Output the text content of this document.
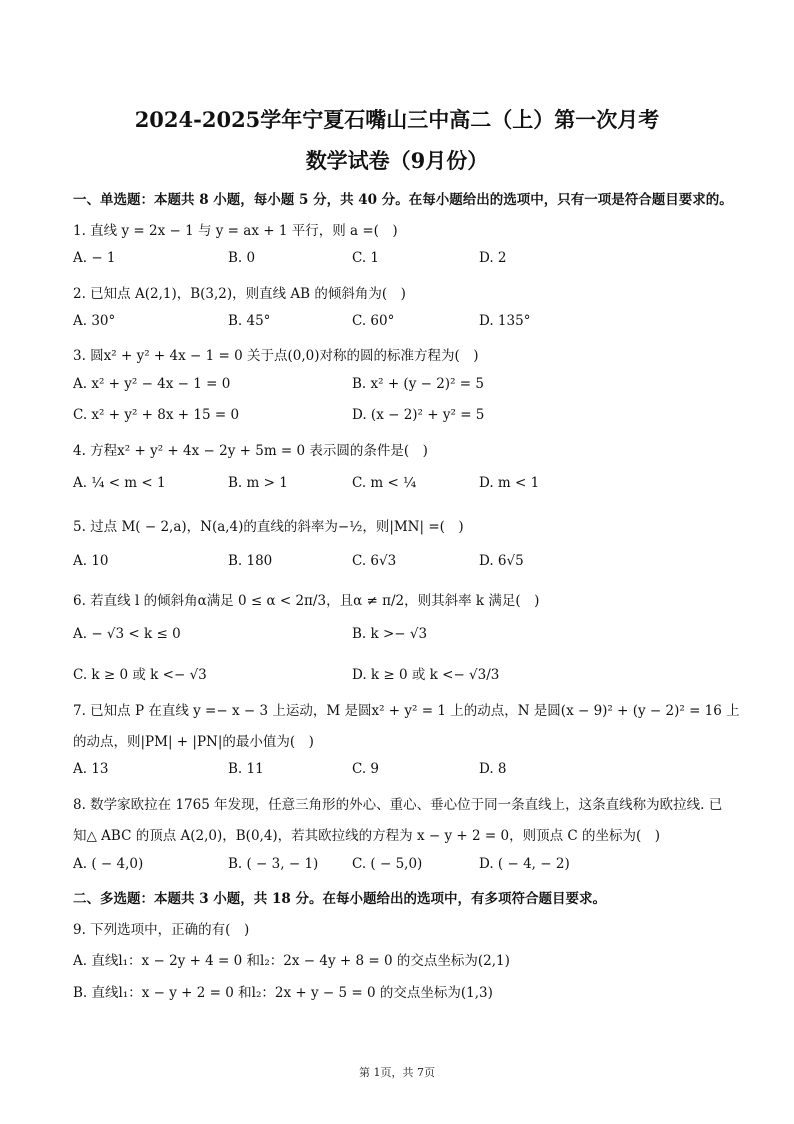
2024-2025学年宁夏石嘴山三中高二（上）第一次月考
数学试卷（9月份）
一、单选题：本题共 8 小题，每小题 5 分，共 40 分。在每小题给出的选项中，只有一项是符合题目要求的。
1. 直线 y = 2x − 1 与 y = ax + 1 平行，则 a =(　)
A. − 1	B. 0	C. 1	D. 2
2. 已知点 A(2,1)，B(3,2)，则直线 AB 的倾斜角为(　)
A. 30°	B. 45°	C. 60°	D. 135°
3. 圆x² + y² + 4x − 1 = 0 关于点(0,0)对称的圆的标准方程为(　)
A. x² + y² − 4x − 1 = 0	B. x² + (y − 2)² = 5
C. x² + y² + 8x + 15 = 0	D. (x − 2)² + y² = 5
4. 方程x² + y² + 4x − 2y + 5m = 0 表示圆的条件是(　)
A. ¼ < m < 1	B. m > 1	C. m < ¼	D. m < 1
5. 过点 M( − 2,a)，N(a,4)的直线的斜率为−½，则|MN| =(　)
A. 10	B. 180	C. 6√3	D. 6√5
6. 若直线 l 的倾斜角α满足 0 ≤ α < 2π/3，且α ≠ π/2，则其斜率 k 满足(　)
A. − √3 < k ≤ 0	B. k >− √3
C. k ≥ 0 或 k <− √3	D. k ≥ 0 或 k <− √3/3
7. 已知点 P 在直线 y =− x − 3 上运动，M 是圆x² + y² = 1 上的动点，N 是圆(x − 9)² + (y − 2)² = 16 上
的动点，则|PM| + |PN|的最小值为(　)
A. 13	B. 11	C. 9	D. 8
8. 数学家欧拉在 1765 年发现，任意三角形的外心、重心、垂心位于同一条直线上，这条直线称为欧拉线. 已
知△ ABC 的顶点 A(2,0)，B(0,4)，若其欧拉线的方程为 x − y + 2 = 0，则顶点 C 的坐标为(　)
A. ( − 4,0)	B. ( − 3, − 1) C. ( − 5,0)	D. ( − 4, − 2)
二、多选题：本题共 3 小题，共 18 分。在每小题给出的选项中，有多项符合题目要求。
9. 下列选项中，正确的有(　)
A. 直线l₁：x − 2y + 4 = 0 和l₂：2x − 4y + 8 = 0 的交点坐标为(2,1)
B. 直线l₁：x − y + 2 = 0 和l₂：2x + y − 5 = 0 的交点坐标为(1,3)
第 1页，共 7页
